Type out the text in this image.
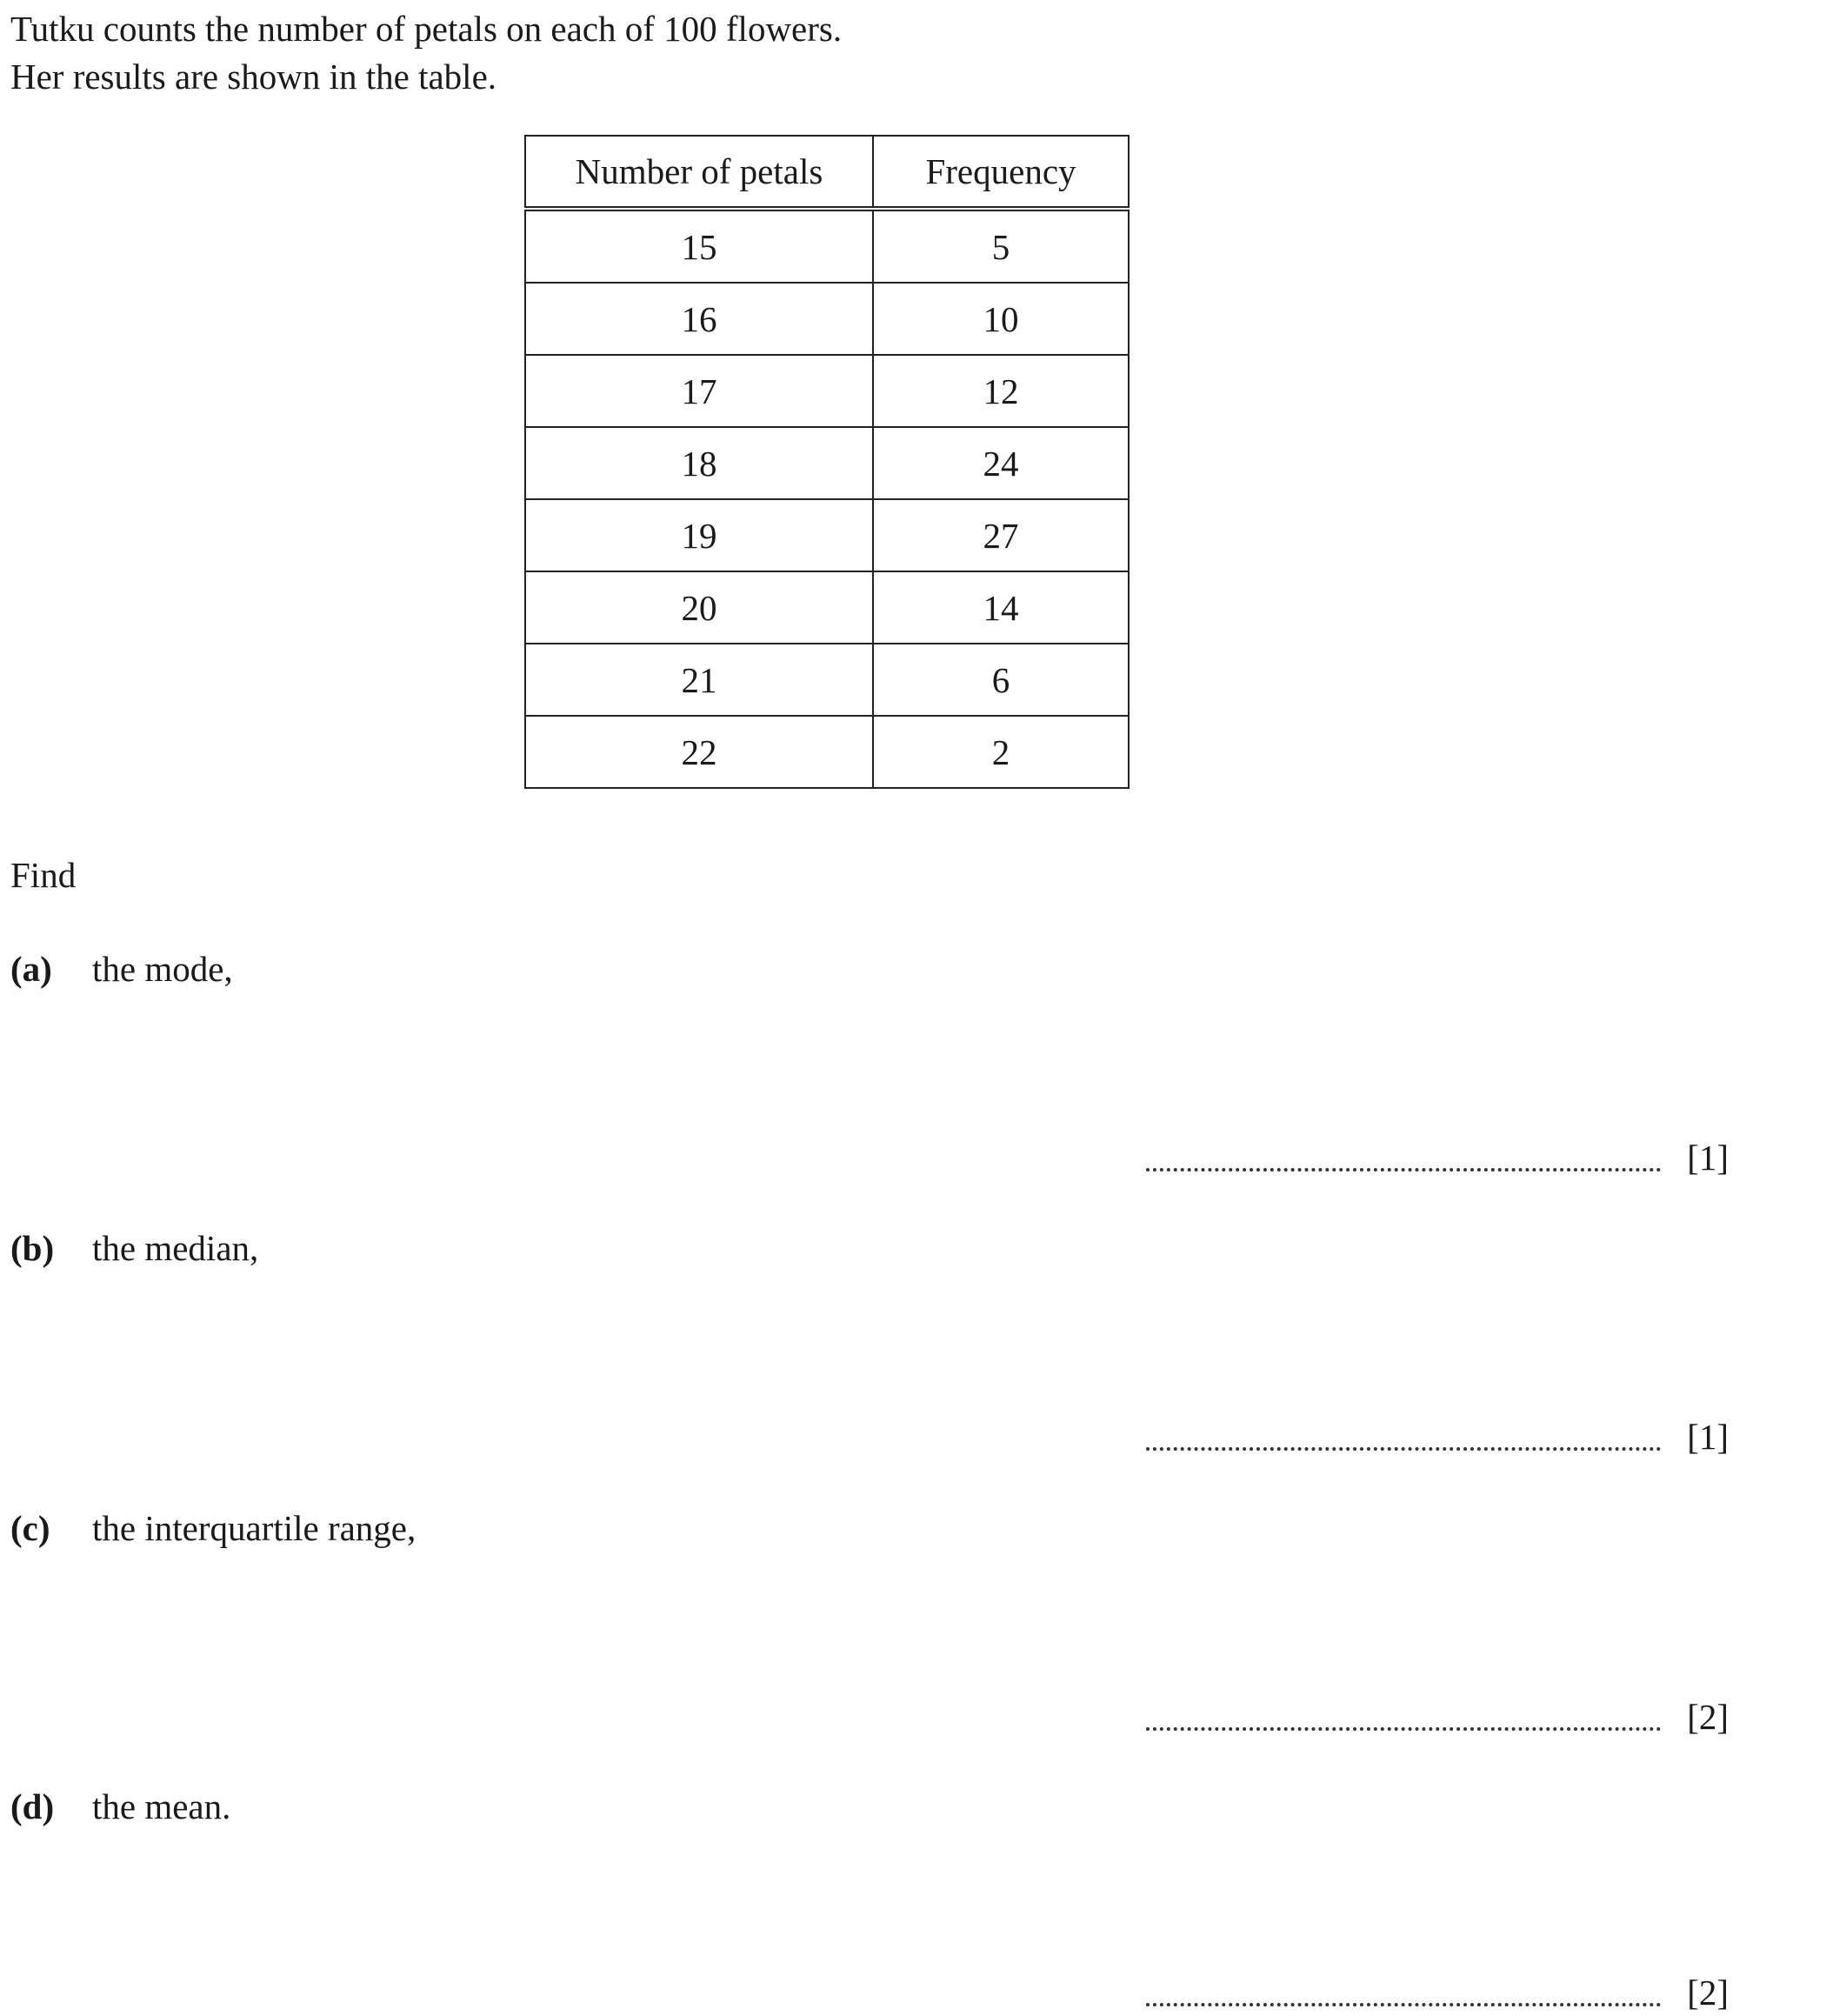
Tutku counts the number of petals on each of 100 flowers.
Her results are shown in the table.
Number of petals	Frequency
15	5
16	10
17	12
18	24
19	27
20	14
21	6
22	2
Find
(a) the mode,
[1]
(b) the median,
[1]
(c) the interquartile range,
[2]
(d) the mean.
[2]
